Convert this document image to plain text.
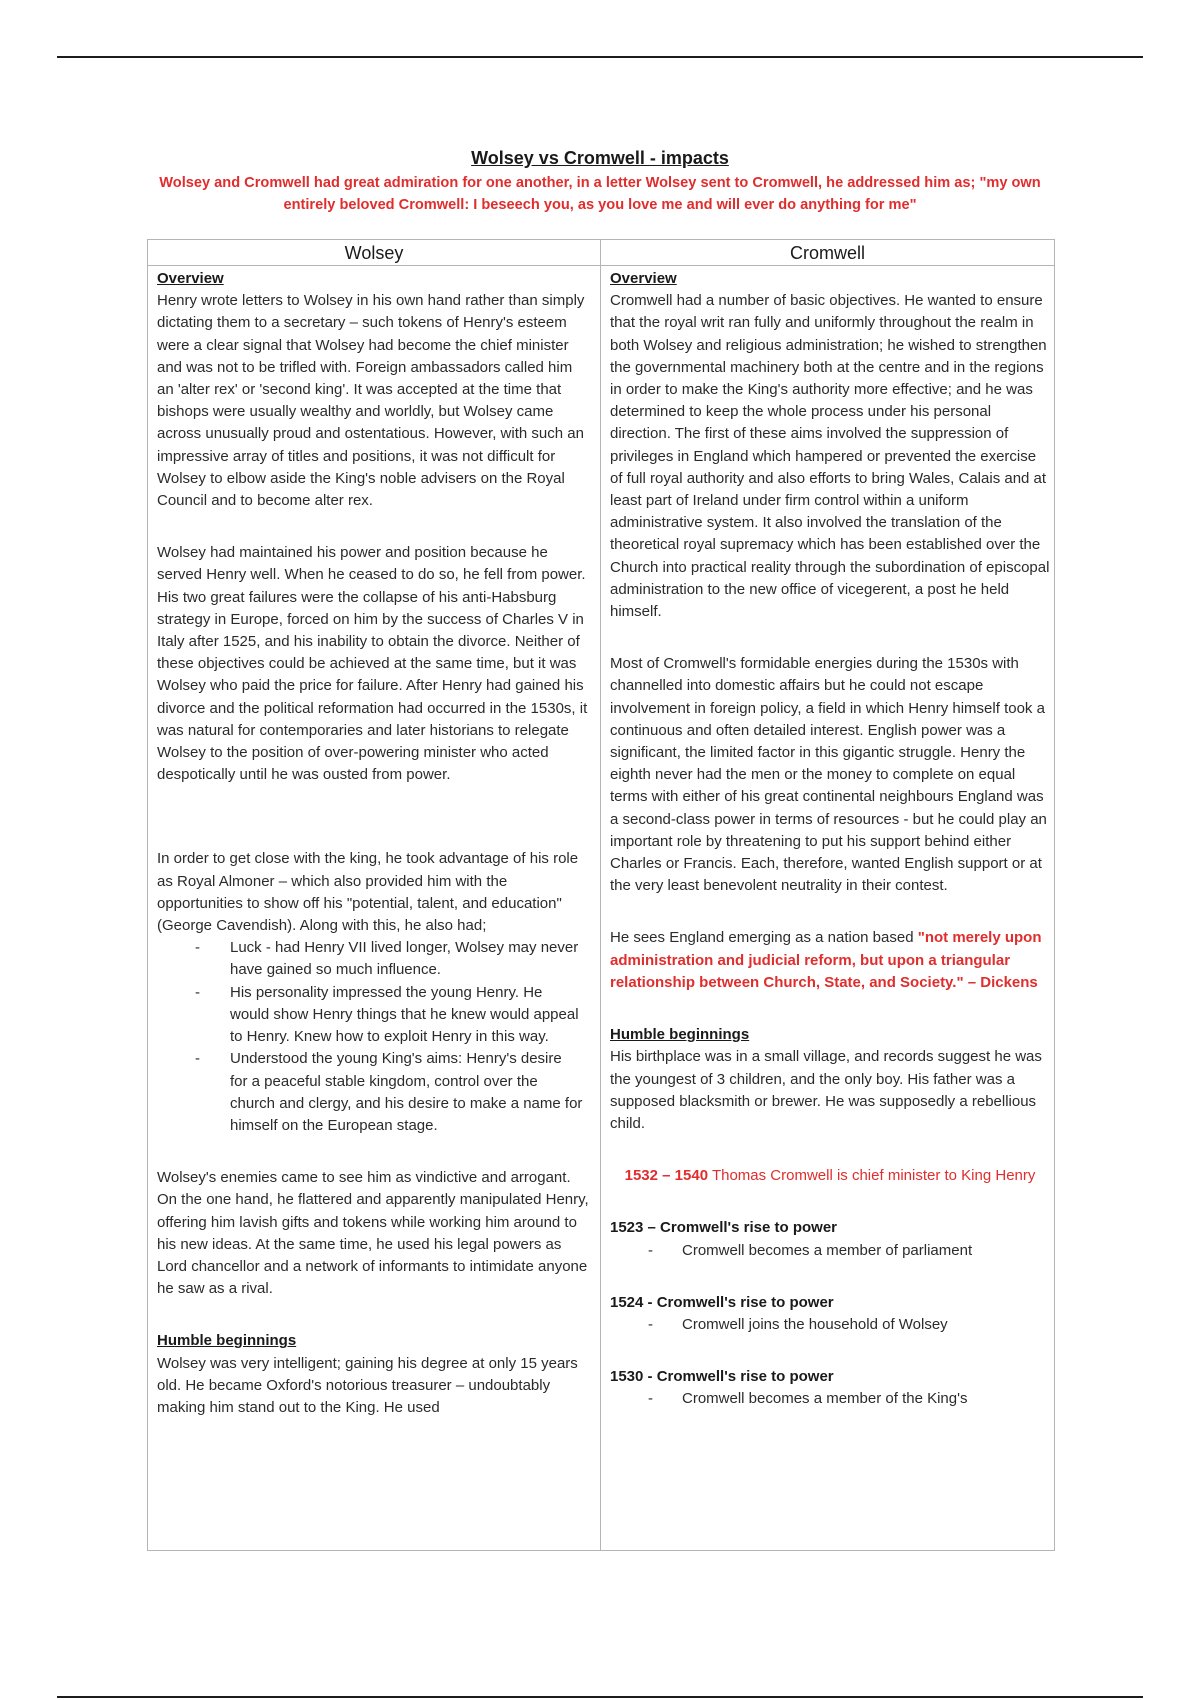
Wolsey vs Cromwell - impacts
Wolsey and Cromwell had great admiration for one another, in a letter Wolsey sent to Cromwell, he addressed him as; "my own entirely beloved Cromwell: I beseech you, as you love me and will ever do anything for me"
Wolsey	Cromwell

Overview

Henry wrote letters to Wolsey in his own hand rather than simply dictating them to a secretary – such tokens of Henry's esteem were a clear signal that Wolsey had become the chief minister and was not to be trifled with. Foreign ambassadors called him an 'alter rex' or 'second king'. It was accepted at the time that bishops were usually wealthy and worldly, but Wolsey came across unusually proud and ostentatious. However, with such an impressive array of titles and positions, it was not difficult for Wolsey to elbow aside the King's noble advisers on the Royal Council and to become alter rex.

Wolsey had maintained his power and position because he served Henry well. When he ceased to do so, he fell from power. His two great failures were the collapse of his anti-Habsburg strategy in Europe, forced on him by the success of Charles V in Italy after 1525, and his inability to obtain the divorce. Neither of these objectives could be achieved at the same time, but it was Wolsey who paid the price for failure. After Henry had gained his divorce and the political reformation had occurred in the 1530s, it was natural for contemporaries and later historians to relegate Wolsey to the position of over-powering minister who acted despotically until he was ousted from power.

In order to get close with the king, he took advantage of his role as Royal Almoner – which also provided him with the opportunities to show off his "potential, talent, and education" (George Cavendish). Along with this, he also had;

- Luck - had Henry VII lived longer, Wolsey may never have gained so much influence.
- His personality impressed the young Henry. He would show Henry things that he knew would appeal to Henry. Knew how to exploit Henry in this way.
- Understood the young King's aims: Henry's desire for a peaceful stable kingdom, control over the church and clergy, and his desire to make a name for himself on the European stage.

Wolsey's enemies came to see him as vindictive and arrogant. On the one hand, he flattered and apparently manipulated Henry, offering him lavish gifts and tokens while working him around to his new ideas. At the same time, he used his legal powers as Lord chancellor and a network of informants to intimidate anyone he saw as a rival.

Humble beginnings

Wolsey was very intelligent; gaining his degree at only 15 years old. He became Oxford's notorious treasurer – undoubtably making him stand out to the King. He used

Overview

Cromwell had a number of basic objectives. He wanted to ensure that the royal writ ran fully and uniformly throughout the realm in both Wolsey and religious administration; he wished to strengthen the governmental machinery both at the centre and in the regions in order to make the King's authority more effective; and he was determined to keep the whole process under his personal direction. The first of these aims involved the suppression of privileges in England which hampered or prevented the exercise of full royal authority and also efforts to bring Wales, Calais and at least part of Ireland under firm control within a uniform administrative system. It also involved the translation of the theoretical royal supremacy which has been established over the Church into practical reality through the subordination of episcopal administration to the new office of vicegerent, a post he held himself.

Most of Cromwell's formidable energies during the 1530s with channelled into domestic affairs but he could not escape involvement in foreign policy, a field in which Henry himself took a continuous and often detailed interest. English power was a significant, the limited factor in this gigantic struggle. Henry the eighth never had the men or the money to complete on equal terms with either of his great continental neighbours England was a second-class power in terms of resources - but he could play an important role by threatening to put his support behind either Charles or Francis. Each, therefore, wanted English support or at the very least benevolent neutrality in their contest.

He sees England emerging as a nation based "not merely upon administration and judicial reform, but upon a triangular relationship between Church, State, and Society." – Dickens

Humble beginnings

His birthplace was in a small village, and records suggest he was the youngest of 3 children, and the only boy. His father was a supposed blacksmith or brewer. He was supposedly a rebellious child.

1532 – 1540 Thomas Cromwell is chief minister to King Henry

1523 – Cromwell's rise to power

- Cromwell becomes a member of parliament

1524 - Cromwell's rise to power

- Cromwell joins the household of Wolsey

1530 - Cromwell's rise to power

- Cromwell becomes a member of the King's
